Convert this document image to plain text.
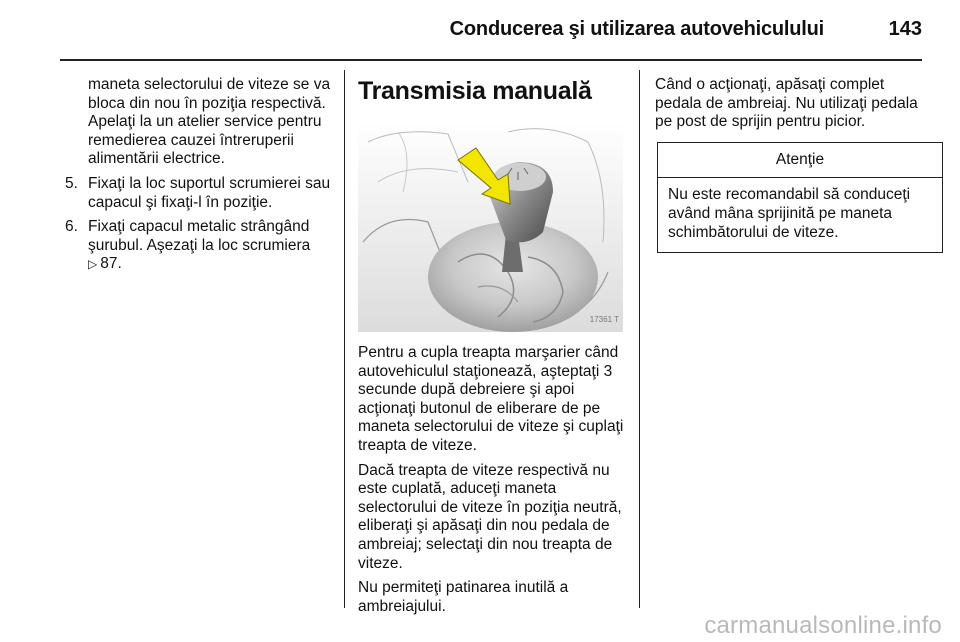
Conducerea şi utilizarea autovehiculului	143

maneta selectorului de viteze se va bloca din nou în poziţia respectivă. Apelaţi la un atelier service pentru remedierea cauzei întreruperii alimentării electrice.

5. Fixaţi la loc suportul scrumierei sau capacul şi fixaţi-l în poziţie.
6. Fixaţi capacul metalic strângând şurubul. Aşezaţi la loc scrumiera
▷ 87.
Transmisia manuală
17361 T

Pentru a cupla treapta marşarier când autovehiculul staţionează, aşteptaţi 3 secunde după debreiere şi apoi acţionaţi butonul de eliberare de pe maneta selectorului de viteze şi cuplaţi treapta de viteze.

Dacă treapta de viteze respectivă nu este cuplată, aduceţi maneta selectorului de viteze în poziţia neutră, eliberaţi şi apăsaţi din nou pedala de ambreiaj; selectaţi din nou treapta de viteze.

Nu permiteţi patinarea inutilă a ambreiajului.

Când o acţionaţi, apăsaţi complet pedala de ambreiaj. Nu utilizaţi pedala pe post de sprijin pentru picior.

Atenţie
Nu este recomandabil să conduceţi având mâna sprijinită pe maneta schimbătorului de viteze.
carmanualsonline.info
